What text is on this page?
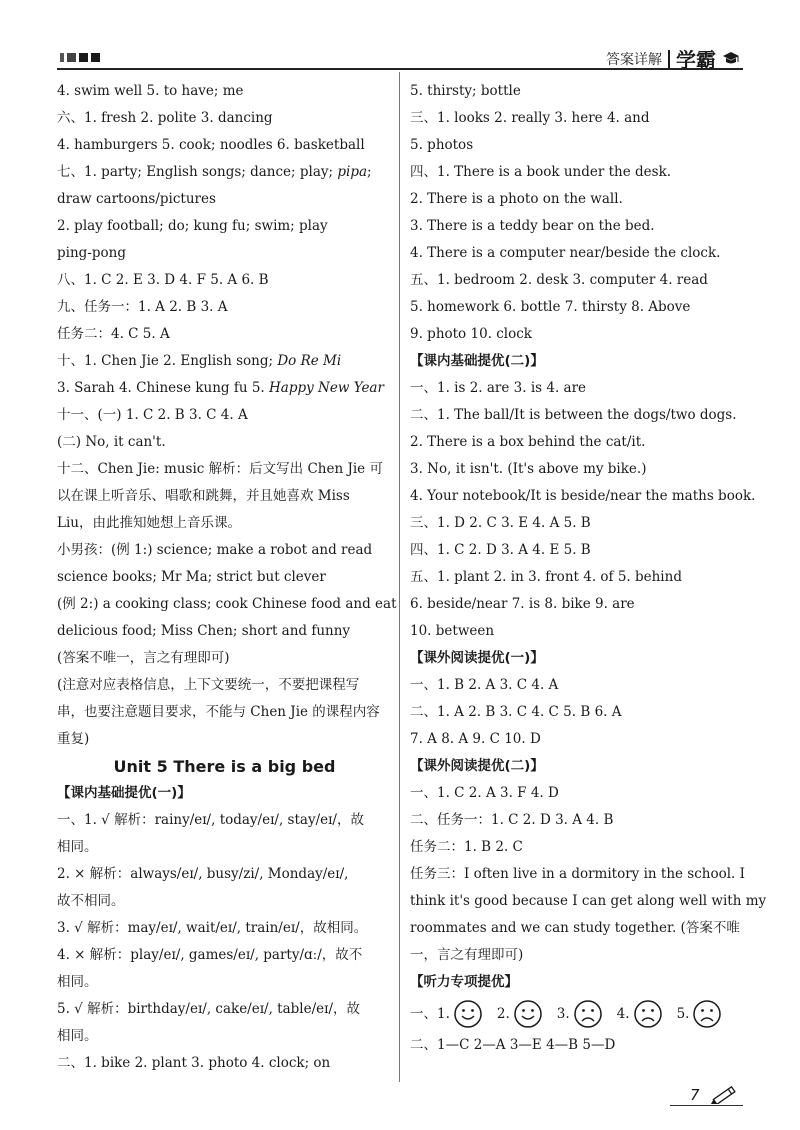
答案详解 学霸
4. swim well 5. to have; me
六、1. fresh 2. polite 3. dancing
4. hamburgers 5. cook; noodles 6. basketball
七、1. party; English songs; dance; play; pipa;
draw cartoons/pictures
2. play football; do; kung fu; swim; play
ping-pong
八、1. C 2. E 3. D 4. F 5. A 6. B
九、任务一：1. A 2. B 3. A
任务二：4. C 5. A
十、1. Chen Jie 2. English song; Do Re Mi
3. Sarah 4. Chinese kung fu 5. Happy New Year
十一、(一) 1. C 2. B 3. C 4. A
(二) No, it can't.
十二、Chen Jie: music 解析：后文写出 Chen Jie 可
以在课上听音乐、唱歌和跳舞，并且她喜欢 Miss
Liu，由此推知她想上音乐课。
小男孩：(例 1:) science; make a robot and read
science books; Mr Ma; strict but clever
(例 2:) a cooking class; cook Chinese food and eat
delicious food; Miss Chen; short and funny
(答案不唯一，言之有理即可)
(注意对应表格信息，上下文要统一，不要把课程写
串，也要注意题目要求，不能与 Chen Jie 的课程内容
重复)
Unit 5 There is a big bed
【课内基础提优(一)】
一、1. √ 解析：rainy/eɪ/, today/eɪ/, stay/eɪ/，故
相同。
2. × 解析：always/eɪ/, busy/zi/, Monday/eɪ/,
故不相同。
3. √ 解析：may/eɪ/, wait/eɪ/, train/eɪ/，故相同。
4. × 解析：play/eɪ/, games/eɪ/, party/ɑː/，故不
相同。
5. √ 解析：birthday/eɪ/, cake/eɪ/, table/eɪ/，故
相同。
二、1. bike 2. plant 3. photo 4. clock; on
5. thirsty; bottle
三、1. looks 2. really 3. here 4. and
5. photos
四、1. There is a book under the desk.
2. There is a photo on the wall.
3. There is a teddy bear on the bed.
4. There is a computer near/beside the clock.
五、1. bedroom 2. desk 3. computer 4. read
5. homework 6. bottle 7. thirsty 8. Above
9. photo 10. clock
【课内基础提优(二)】
一、1. is 2. are 3. is 4. are
二、1. The ball/It is between the dogs/two dogs.
2. There is a box behind the cat/it.
3. No, it isn't. (It's above my bike.)
4. Your notebook/It is beside/near the maths book.
三、1. D 2. C 3. E 4. A 5. B
四、1. C 2. D 3. A 4. E 5. B
五、1. plant 2. in 3. front 4. of 5. behind
6. beside/near 7. is 8. bike 9. are
10. between
【课外阅读提优(一)】
一、1. B 2. A 3. C 4. A
二、1. A 2. B 3. C 4. C 5. B 6. A
7. A 8. A 9. C 10. D
【课外阅读提优(二)】
一、1. C 2. A 3. F 4. D
二、任务一：1. C 2. D 3. A 4. B
任务二：1. B 2. C
任务三：I often live in a dormitory in the school. I
think it's good because I can get along well with my
roommates and we can study together. (答案不唯
一，言之有理即可)
【听力专项提优】
一、 1.	2.	3.	4.	5.
二、1—C 2—A 3—E 4—B 5—D
7
